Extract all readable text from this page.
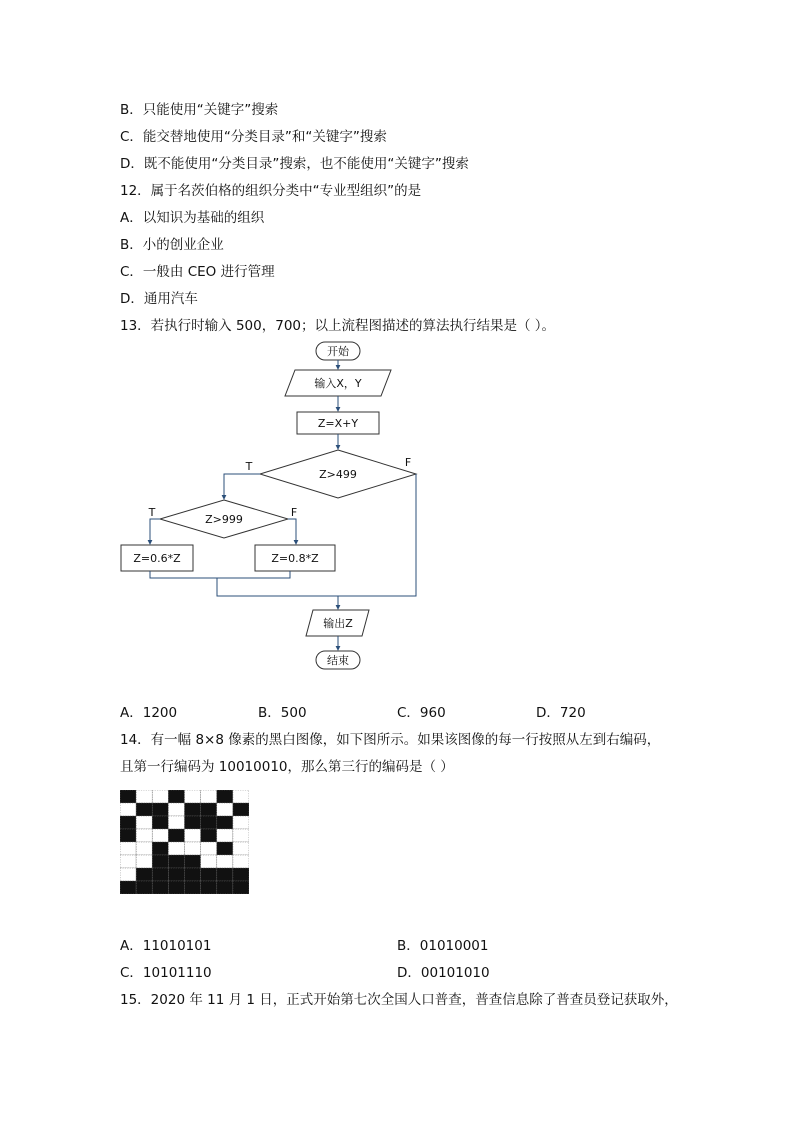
B．只能使用“关键字”搜索
C．能交替地使用“分类目录”和“关键字”搜索
D．既不能使用“分类目录”搜索，也不能使用“关键字”搜索
12．属于名茨伯格的组织分类中“专业型组织”的是
A．以知识为基础的组织
B．小的创业企业
C．一般由 CEO 进行管理
D．通用汽车
13．若执行时输入 500，700；以上流程图描述的算法执行结果是（ ）。
开始
输入X，Y
Z=X+Y
Z>499
Z>999
Z=0.6*Z	Z=0.8*Z
输出Z
结束
T	F
T	F
A．1200	B．500	C．960	D．720
14．有一幅 8×8 像素的黑白图像，如下图所示。如果该图像的每一行按照从左到右编码，
且第一行编码为 10010010，那么第三行的编码是（ ）
A．11010101	B．01010001
C．10101110	D．00101010
15．2020 年 11 月 1 日，正式开始第七次全国人口普查，普查信息除了普查员登记获取外，
